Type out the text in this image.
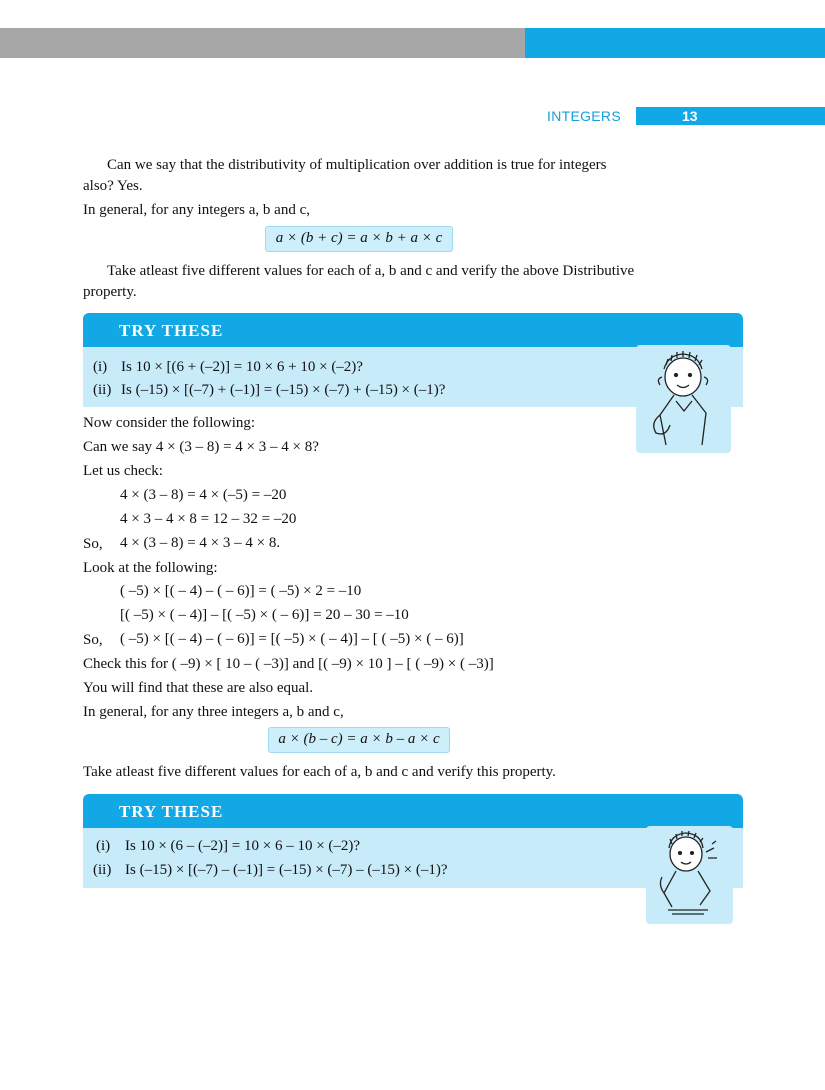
INTEGERS	13
Can we say that the distributivity of multiplication over addition is true for integers
also? Yes.
In general, for any integers a, b and c,
a × (b + c) = a × b + a × c
Take atleast five different values for each of a, b and c and verify the above Distributive
property.
TRY THESE
(i) Is 10 × [(6 + (–2)] = 10 × 6 + 10 × (–2)?
(ii) Is (–15) × [(–7) + (–1)] = (–15) × (–7) + (–15) × (–1)?
Now consider the following:
Can we say 4 × (3 – 8) = 4 × 3 – 4 × 8?
Let us check:
4 × (3 – 8) = 4 × (–5) = –20
4 × 3 – 4 × 8 = 12 – 32 = –20
So, 4 × (3 – 8) = 4 × 3 – 4 × 8.
Look at the following:
( –5) × [( – 4) – ( – 6)] = ( –5) × 2 = –10
[( –5) × ( – 4)] – [( –5) × ( – 6)] = 20 – 30 = –10
So, ( –5) × [( – 4) – ( – 6)] = [( –5) × ( – 4)] – [ ( –5) × ( – 6)]
Check this for ( –9) × [ 10 – ( –3)] and [( –9) × 10 ] – [ ( –9) × ( –3)]
You will find that these are also equal.
In general, for any three integers a, b and c,
a × (b – c) = a × b – a × c
Take atleast five different values for each of a, b and c and verify this property.
TRY THESE
(i) Is 10 × (6 – (–2)] = 10 × 6 – 10 × (–2)?
(ii) Is (–15) × [(–7) – (–1)] = (–15) × (–7) – (–15) × (–1)?
